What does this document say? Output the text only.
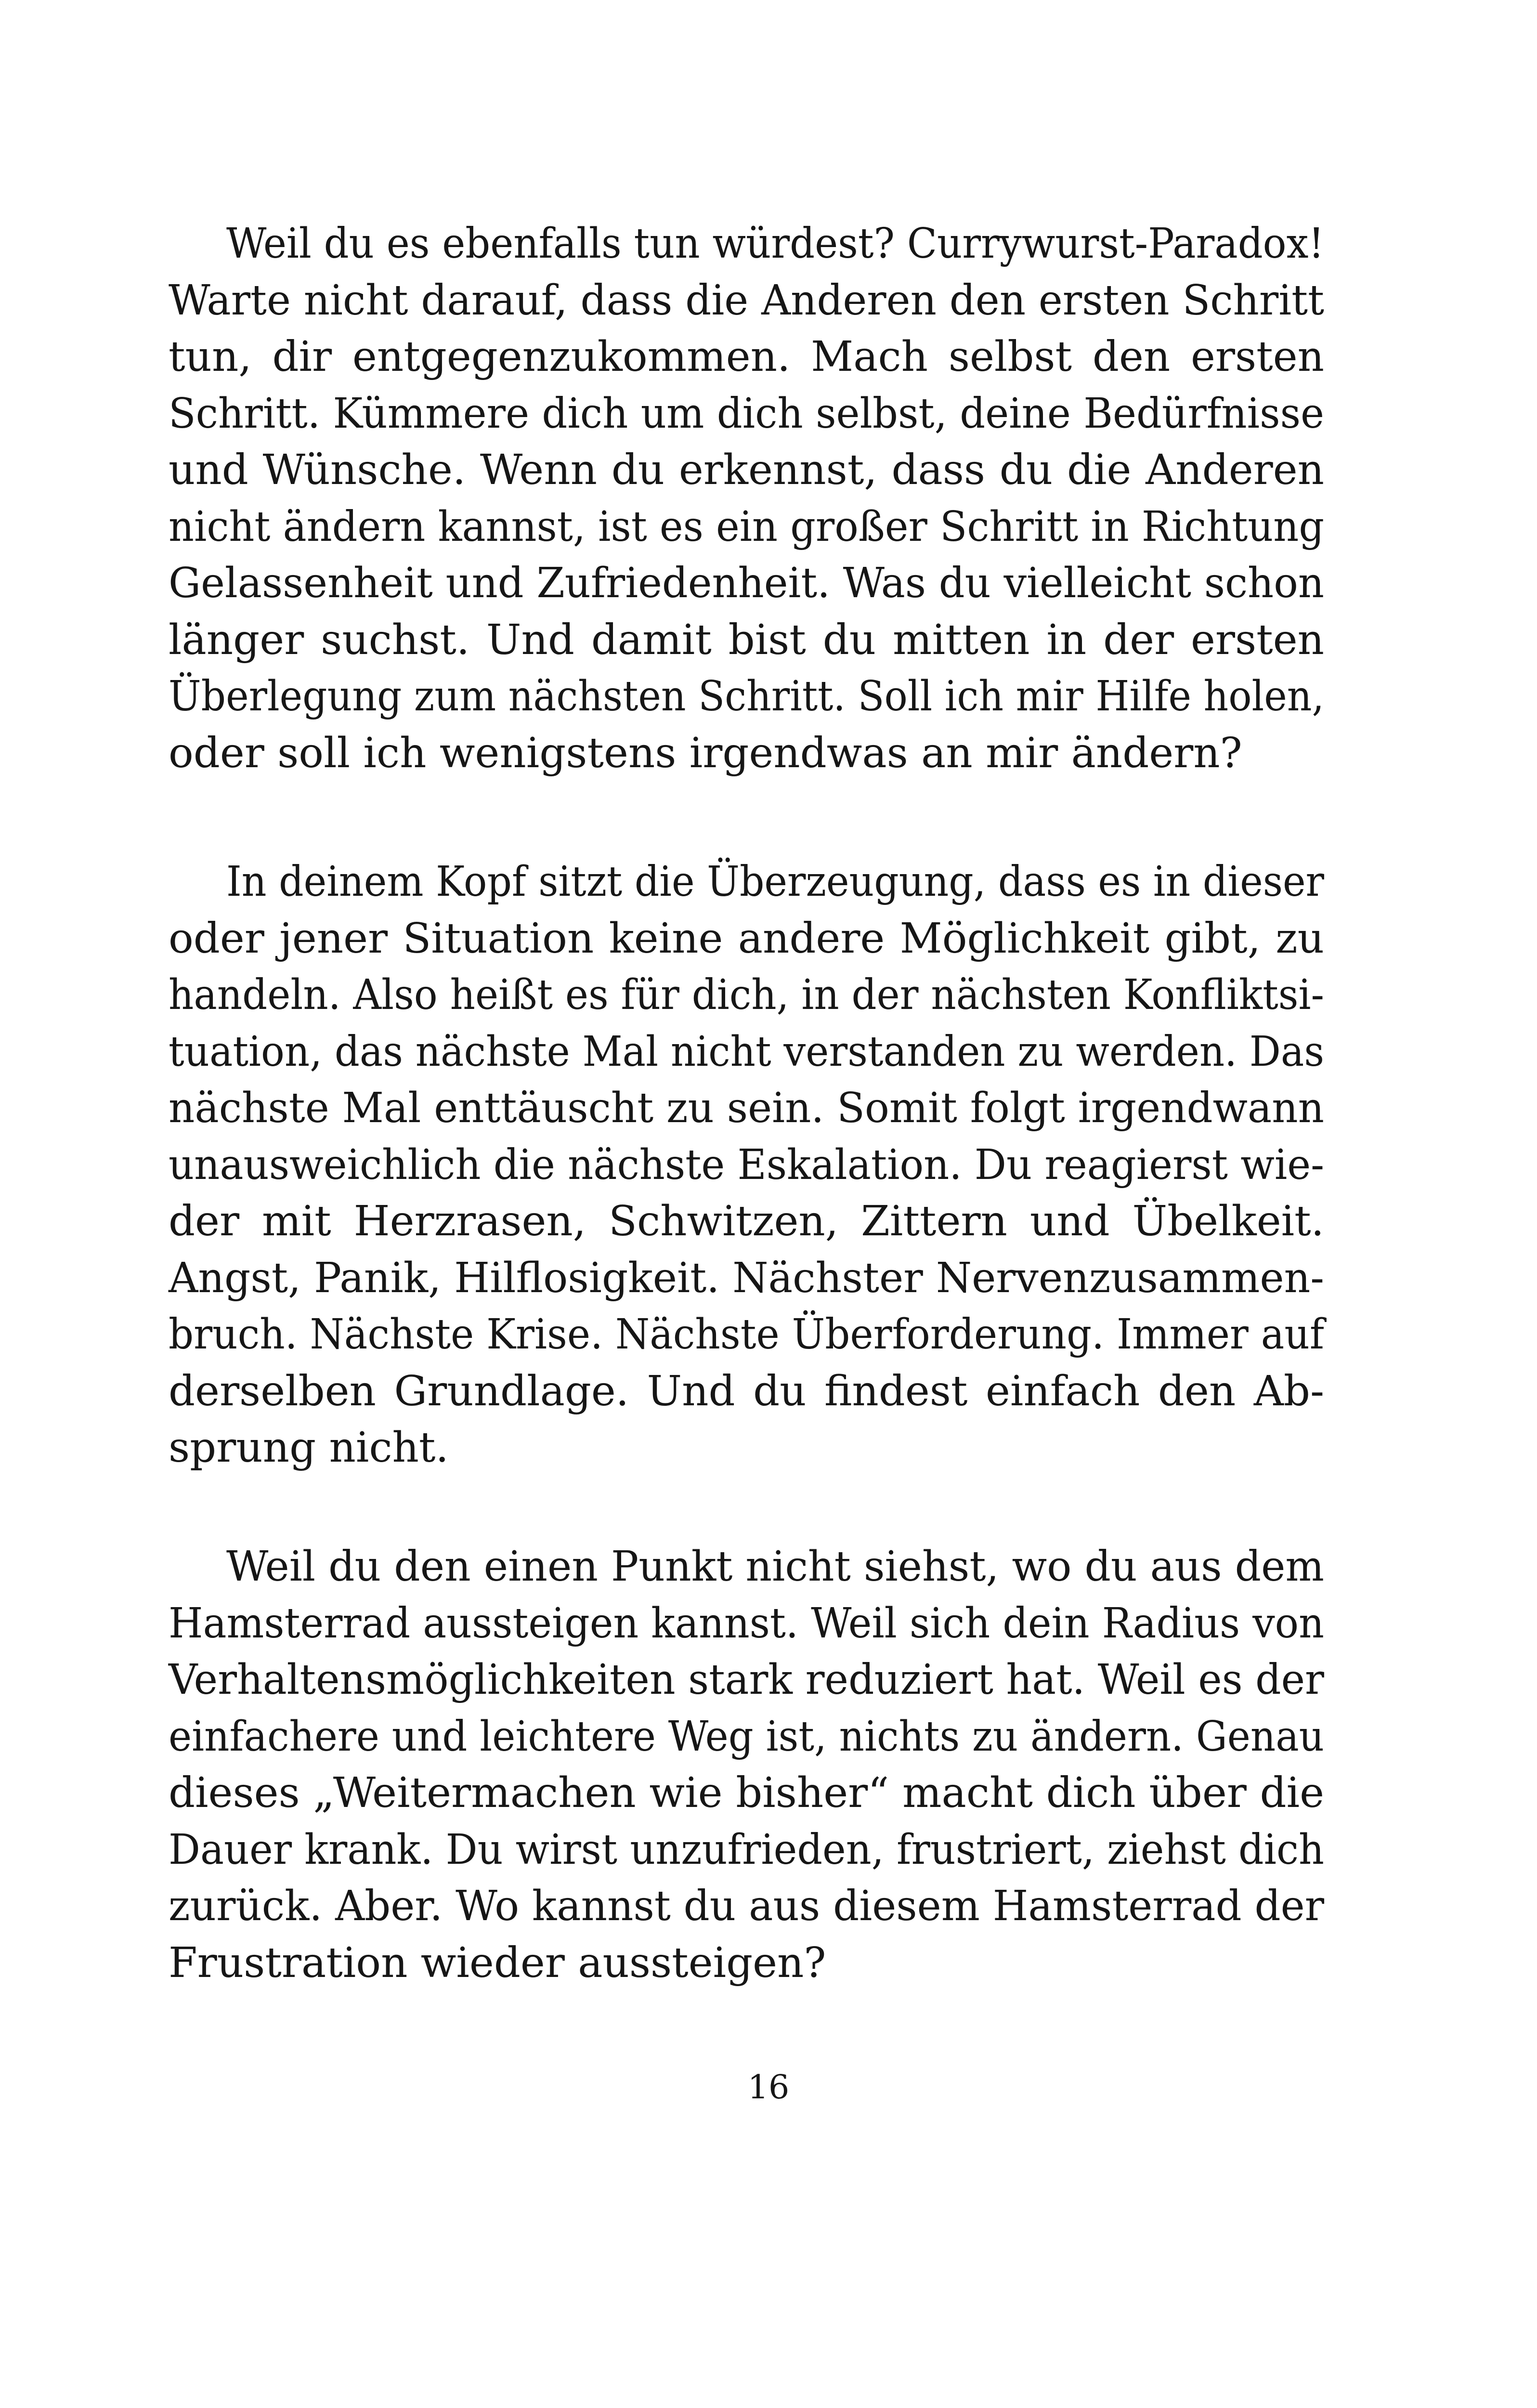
Weil du es ebenfalls tun würdest? Currywurst-Paradox!
Warte nicht darauf, dass die Anderen den ersten Schritt
tun, dir entgegenzukommen. Mach selbst den ersten
Schritt. Kümmere dich um dich selbst, deine Bedürfnisse
und Wünsche. Wenn du erkennst, dass du die Anderen
nicht ändern kannst, ist es ein großer Schritt in Richtung
Gelassenheit und Zufriedenheit. Was du vielleicht schon
länger suchst. Und damit bist du mitten in der ersten
Überlegung zum nächsten Schritt. Soll ich mir Hilfe holen,
oder soll ich wenigstens irgendwas an mir ändern?
In deinem Kopf sitzt die Überzeugung, dass es in dieser
oder jener Situation keine andere Möglichkeit gibt, zu
handeln. Also heißt es für dich, in der nächsten Konfliktsi-
tuation, das nächste Mal nicht verstanden zu werden. Das
nächste Mal enttäuscht zu sein. Somit folgt irgendwann
unausweichlich die nächste Eskalation. Du reagierst wie-
der mit Herzrasen, Schwitzen, Zittern und Übelkeit.
Angst, Panik, Hilflosigkeit. Nächster Nervenzusammen-
bruch. Nächste Krise. Nächste Überforderung. Immer auf
derselben Grundlage. Und du findest einfach den Ab-
sprung nicht.
Weil du den einen Punkt nicht siehst, wo du aus dem
Hamsterrad aussteigen kannst. Weil sich dein Radius von
Verhaltensmöglichkeiten stark reduziert hat. Weil es der
einfachere und leichtere Weg ist, nichts zu ändern. Genau
dieses „Weitermachen wie bisher“ macht dich über die
Dauer krank. Du wirst unzufrieden, frustriert, ziehst dich
zurück. Aber. Wo kannst du aus diesem Hamsterrad der
Frustration wieder aussteigen?
16
